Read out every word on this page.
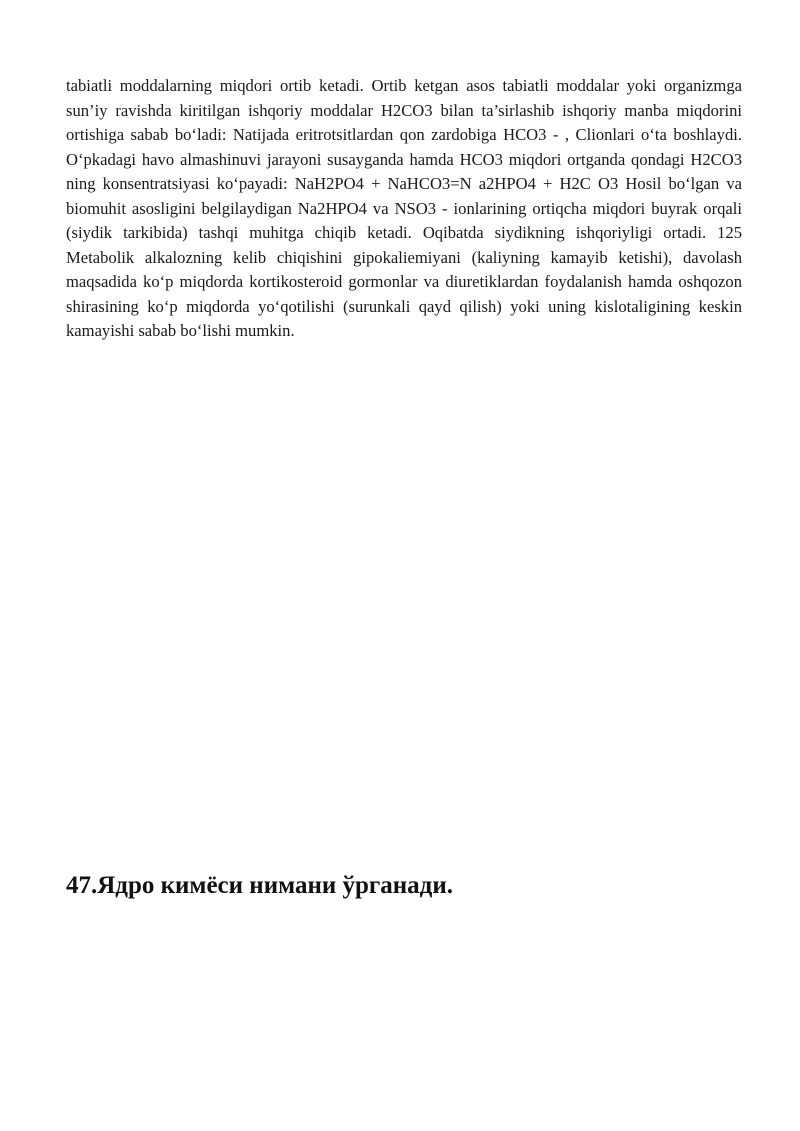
tabiatli moddalarning miqdori ortib ketadi. Ortib ketgan asos tabiatli moddalar yoki organizmga sun’iy ravishda kiritilgan ishqoriy moddalar H2CO3 bilan ta’sirlashib ishqoriy manba miqdorini ortishiga sabab bo‘ladi: Natijada eritrotsitlardan qon zardobiga HCO3 - , Clionlari o‘ta boshlaydi. O‘pkadagi havo almashinuvi jarayoni susayganda hamda HCO3 miqdori ortganda qondagi H2CO3 ning konsentratsiyasi ko‘payadi: NaH2PO4 + NaHCO3=N a2HPO4 + H2C O3 Hosil bo‘lgan va biomuhit asosligini belgilaydigan Na2HPO4 va NSO3 - ionlarining ortiqcha miqdori buyrak orqali (siydik tarkibida) tashqi muhitga chiqib ketadi. Oqibatda siydikning ishqoriyligi ortadi. 125 Metabolik alkalozning kelib chiqishini gipokaliemiyani (kaliyning kamayib ketishi), davolash maqsadida ko‘p miqdorda kortikosteroid gormonlar va diuretiklardan foydalanish hamda oshqozon shirasining ko‘p miqdorda yo‘qotilishi (surunkali qayd qilish) yoki uning kislotaligining keskin kamayishi sabab bo‘lishi mumkin.

47.Ядро кимёси нимани ўрганади.
